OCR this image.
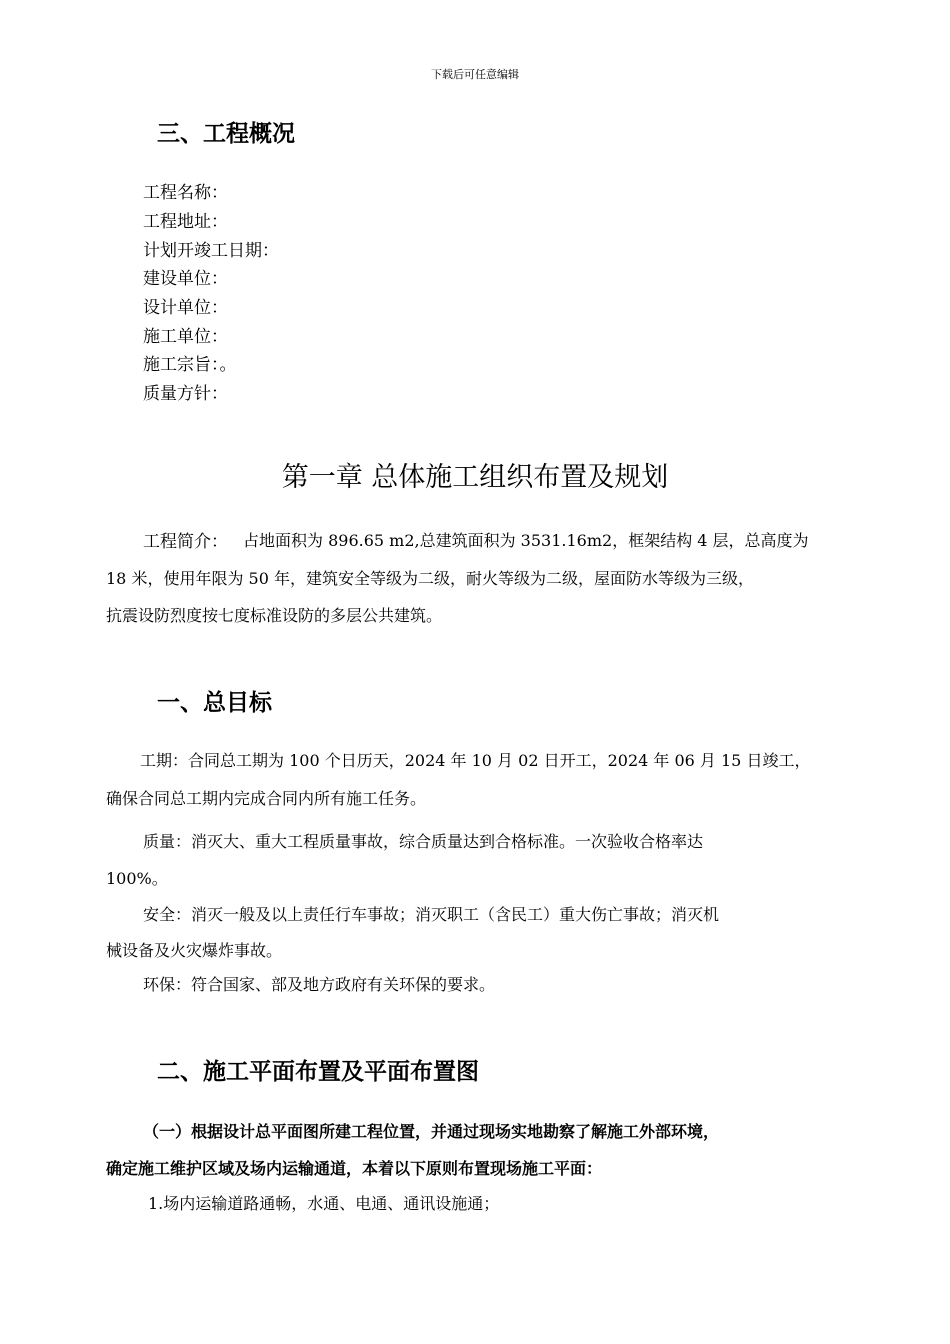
下载后可任意编辑
三、工程概况
工程名称：
工程地址：
计划开竣工日期：
建设单位：
设计单位：
施工单位：
施工宗旨：。
质量方针：
第一章 总体施工组织布置及规划
工程简介： 占地面积为 896.65 m2,总建筑面积为 3531.16m2，框架结构 4 层，总高度为
18 米，使用年限为 50 年，建筑安全等级为二级，耐火等级为二级，屋面防水等级为三级，
抗震设防烈度按七度标准设防的多层公共建筑。
一、总目标
工期：合同总工期为 100 个日历天，2024 年 10 月 02 日开工，2024 年 06 月 15 日竣工，
确保合同总工期内完成合同内所有施工任务。
质量：消灭大、重大工程质量事故，综合质量达到合格标准。一次验收合格率达
100%。
安全：消灭一般及以上责任行车事故；消灭职工（含民工）重大伤亡事故；消灭机
械设备及火灾爆炸事故。
环保：符合国家、部及地方政府有关环保的要求。
二、施工平面布置及平面布置图
（一）根据设计总平面图所建工程位置，并通过现场实地勘察了解施工外部环境，
确定施工维护区域及场内运输通道，本着以下原则布置现场施工平面：
1.场内运输道路通畅，水通、电通、通讯设施通；
